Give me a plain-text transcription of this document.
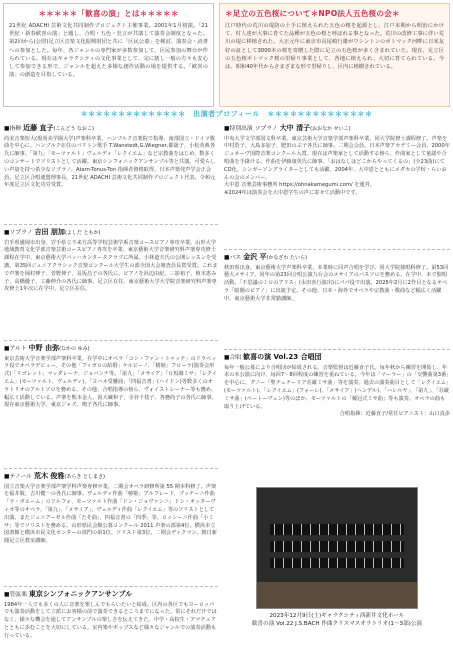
＊＊＊＊＊「歓喜の演」とは＊＊＊＊＊
21世紀 ADACHI 芸術文化共同制作プロジェクト主催事業。2001年1月初演。「21世紀・新春歓喜の演」と題し、合唱・五色・狂言が共演して演奏会制度となった。第2回から(公財)足立区音楽文化振興財団と共に「区民公募」を検討、演奏会・読書への参加とした。毎年、各ジャンルの専門家が多数参加して、区民参加の舞台が作られている。現在はギャラクシティの文化事業として、完に割し一般の方々も安心して参加できる形で、ジャンルを超えた多様な創作活動の場を提供する。「歓喜の演」の創造を目指している。
＊足立の五色桜について＊NPO法人五色桜の会＊
江戸時代の荒川の堤防の土手に植えられた五色の桜を起源とし、江戸末期から明治にかけて、村人達が大事に育てた品種が五色の桜と呼ばれる事となった。荒川の改修工事に伴い荒川の堤に移植された。大正元年に東京市長尾崎行雄がワシントンのポトマック河畔に日米友好の証として3000本の桜を寄贈した際に足立の五色桜が多く含まれていた。現在、足立区の五色桜ポトマック桜の里帰り事業として、各地に植えられ、大切に育てられている。今は、昭和40年代からさまざまな形で里帰りし、区内に植樹されている。
＊＊＊＊＊＊＊＊＊＊＊＊＊＊　出演者プロフィール　＊＊＊＊＊＊＊＊＊＊＊＊＊＊
■指揮 近藤 直子(こんどう なおこ)

尚美音楽短大(現尚美学園大学)声楽科卒業。ハンブルク音楽院で指導、南部国立・ドイツ歌曲を中心に、ハンブルク在住のバリトン歌手 T.Wanstedt,G.Wiegner,都築子、小松英典各氏に師事。「第九」「モーツァルト」ヴェルディ「レクイエム」など宗教曲をはじめ、数多くのコンサートでソリストとして活躍。東京シンフォニックアンサンブル等と共演。可愛らしい声量を持つ希少なソプラノ。Atam-Tonus-Ton 指揮者資格取得。日本声楽発声学会正会員。足立区合唱連盟理事長。21世紀 ADACHI 芸術文化共同制作プロジェクト代表。令和元年度足立区文化功労受賞。

■ソプラノ 吉田 朋加(よしだ ともか)

岩手県盛岡市出身。岩手県立不来方高等学校芸術学系音楽コースピアノ専攻卒業。山形大学地域教育文化学部音楽芸術コースピアノ専攻を卒業、東京藝術大学音楽研究科声楽専攻修士課程在学中。東京藝術大学バッハカンタータクラブに所属。小林道夫氏の公開レッスンを受講。第35回ジュニアクラシック音楽コンクール大学生の部全国大会審査員長賞受賞。これまで声楽を岡村伸子、菅野伸子、長坂昌子の各氏に、ピアノを浜辺由紀、三影裕子、植木恵み子、高橋優子、工藤伸介の各氏に師事。足立区在住、東京藝術大学大学院音楽研究科声楽専攻修士1年次に在学中。足立区在住。

■アルト 中野 由弥(なかの ゆみ)

東京芸術大学音楽学部声楽科卒業。在学中にオペラ「コシ・ファン・トゥッテ」のドラベッラ役でオペラデビュー。その他「フィガロの結婚」ケルビーノ、「椿姫」フローラ(演奏会形式)「リゴレット」マッダレーナ、ジョバンナ等。「第九」「メサイア」「ロ短調ミサ」「レクイエム」(モーツァルト、ヴェルディ)、「ヨハネ受難曲」「四福音書」(ハイドン)等数多くのオラトリオのアルトソロを務める。その他、合唱指導の傍ら、ヴォイストレーナー等も務め、幅広く活動している。声楽を熊本金人、汲大蔵和子、寺谷千枝子、各務尚子の各氏に師事。現在東京藝術大学、東京ジャズ、鳴子各氏に師事。

■テノール 荒木 俊雅(あらき としまさ)

国立音楽大学音楽学部声楽学科声楽専修卒業。二期会オペラ研修所第 55 期本科修了。声楽を福井敬、吉川健一の各氏に師事。ヴェルディ作曲「椿姫」アルフレード、プッチーニ作曲「ラ・ボエーム」ロドルフォ、モーツァルト作曲「ドン・ジョヴァンニ」ドン・オッターヴィオ等のオペラ、「第九」、「メサイア」、ヴェルディ作曲「レクイエム」等のソリストとして出演。またジュニアーゼル作曲「たそ曲」、四福音書の「四季」等、ロッシーニ作曲「小ミサ」等でソリストを務める。山形県民会館公募コンクール 2011 声楽の部第4位。横浜市立図書館と横浜市民文化センターの部門の第1位。ソリスト第3位。二期会ディクマン。朝日新聞足立区教室講師。

■管弦楽 東京シンフォニックアンサンブル

1984年一人でも多くの人に音楽を楽しんでもらいたいと結成。区内の各区でもヨーロッパでも演奏活動をして立派にお客様の前で演奏できるところまでになった。常にそれだけではなく、様々な機会を通してアンサンブルの楽しさを伝えてきた。中学・高校生・アマチュアとともに歩むことを大切にしている。室内楽やポップスなど様々なジャンルでの演奏活動も行っている。

■特別出演 ソプラノ 大中 清子(おおなか せいこ)

中央大学文学部国文科卒業。東京芸術大学音楽学部声楽科卒業。同大学院修士課程修了。声楽を中村浩子、大島多加子、肥田のぶ子各氏に師事。二期会会員。日本声楽アカデミー会員。2000年 ジュネーヴ国際音楽コンクール入賞。現在は声楽家として活動する傍ら、作曲家として童謡や合唱曲を手掛ける。作曲を伊藤康英氏に師事。「おはなしはどこからやってくるの」(全23曲)にてCD化。シンガーソングライターとしても活躍。2004年、大中恩とともにメダカの学校・らいおんの会のメンバー。

大中恩 音楽芸術事務所 https://ohnakamegumi.com/ を運営。

※2024年は演奏会を大中恩学生の声に寄せて活動中です。

■バス 金沢 平(かなざわ たいら)

秋田県出身。東京藝術大学声楽科卒業。本業時に同声合唱を学び、同大学院独唱科修了。第53回藝大メサイア、同年の第23回合唱公演九台会のメサイアのバスソロを務める。在学中、本で独唱活動。「不思議のミロのアリス」(永田喜行演出)にパパ役で出演。2025年2月に2作目となるオペラ「暗闇のピアノ」に出演予定。その他、日本・海外でオペラや宗教曲・歌曲など幅広く活躍中。東京藝術大学非常勤講師。

■合唱 歓喜の演 Vol.23 合唱団

毎年一般公募により合唱団が結成される。音楽監督は近藤直子氏。毎年秋から練習を開始し、年末の本公演に向け、毎回7〜8回程度の練習を重ねている。今年は「マーラー」の「交響曲第3番」を中心に、グノー「聖チェチーリア荘厳ミサ曲」等を演奏。過去の演奏曲目として「レクイエム」(モーツァルト)、「レクイエム」(フォーレ)、「メサイア」(ヘンデル)、「ハレルヤ」、「第九」、「荘厳ミサ曲」(ベートーヴェン)等のほか、モーツァルトの「戴冠式ミサ曲」等も演奏。オペラの曲も取り上げている。

合唱指揮：近藤直子/常任ピアニスト：山口真歩

2023年12月9日(土)ギャラクシティ西新井文化ホール
歓喜の演 Vol.22 J.S.BACH 作曲クリスマスオラトリオ(1〜3部)公演
